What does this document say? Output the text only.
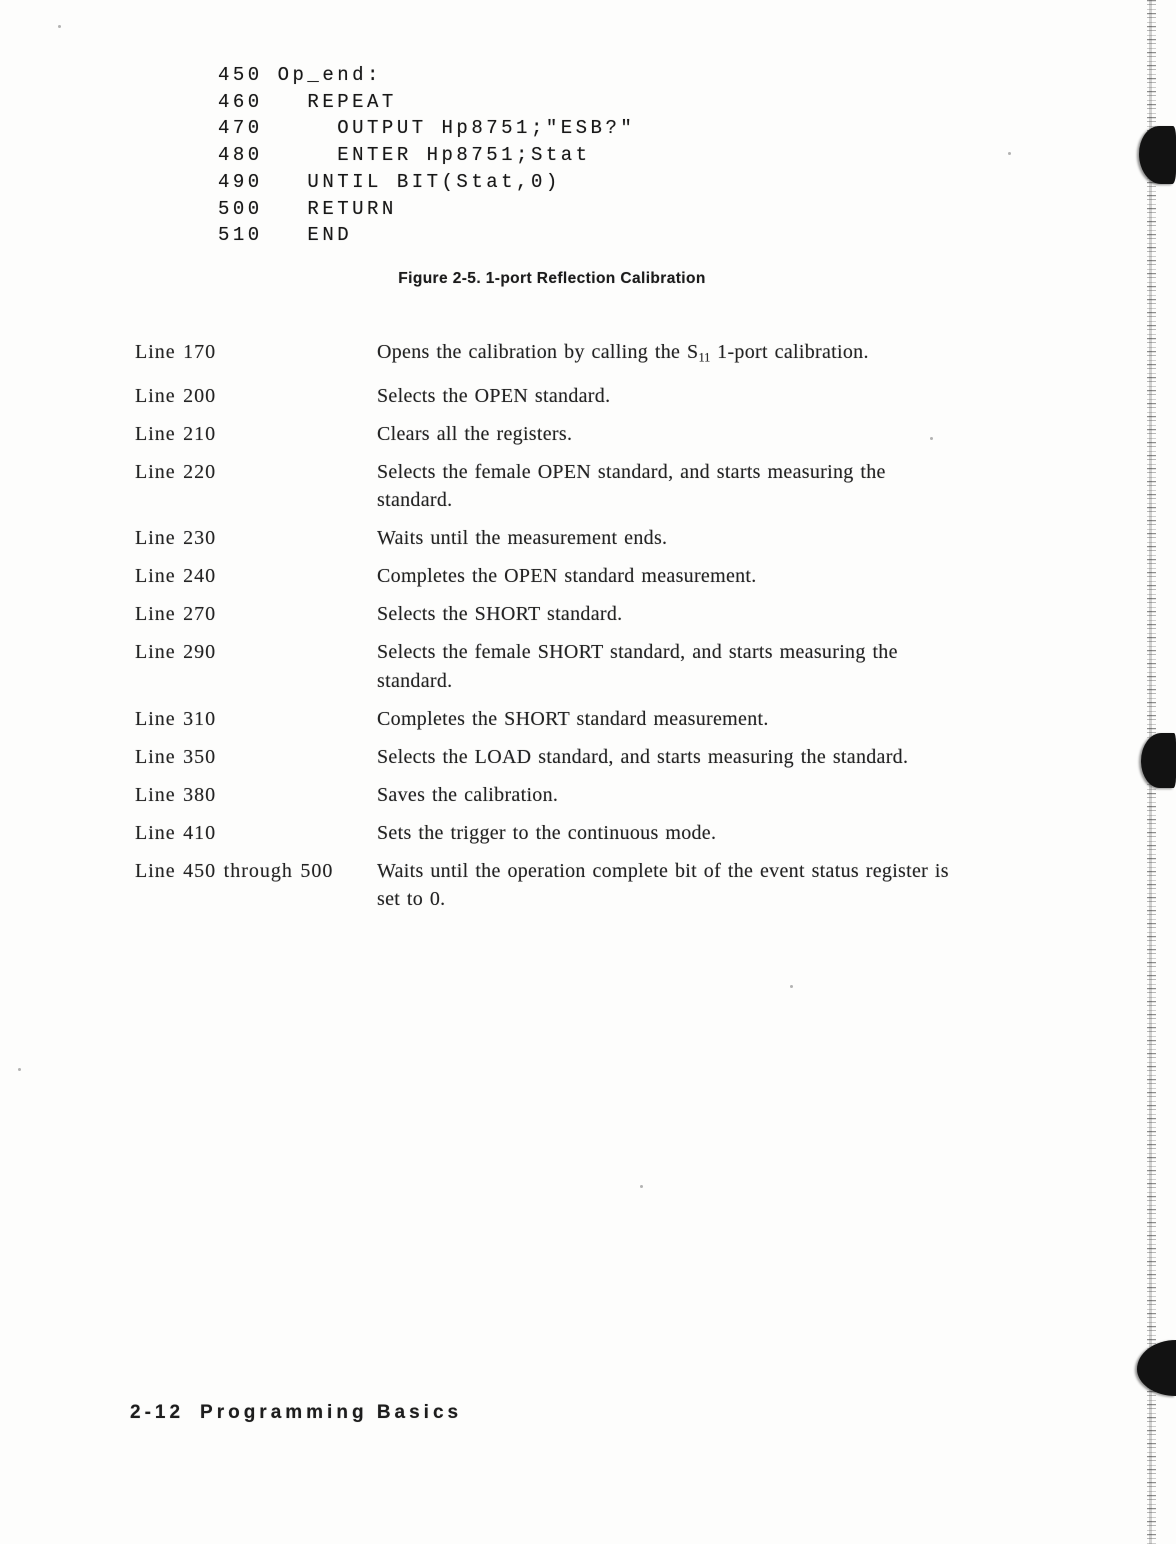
450 Op_end:
460   REPEAT
470     OUTPUT Hp8751;"ESB?"
480     ENTER Hp8751;Stat
490   UNTIL BIT(Stat,0)
500   RETURN
510   END
Figure 2-5. 1-port Reflection Calibration
Line 170	Opens the calibration by calling the $S_{11}$ 1-port calibration.
Line 200	Selects the OPEN standard.
Line 210	Clears all the registers.
Line 220	Selects the female OPEN standard, and starts measuring the
standard.
Line 230	Waits until the measurement ends.
Line 240	Completes the OPEN standard measurement.
Line 270	Selects the SHORT standard.
Line 290	Selects the female SHORT standard, and starts measuring the
standard.
Line 310	Completes the SHORT standard measurement.
Line 350	Selects the LOAD standard, and starts measuring the standard.
Line 380	Saves the calibration.
Line 410	Sets the trigger to the continuous mode.
Line 450 through 500	Waits until the operation complete bit of the event status register is
set to 0.
2-12 Programming Basics
